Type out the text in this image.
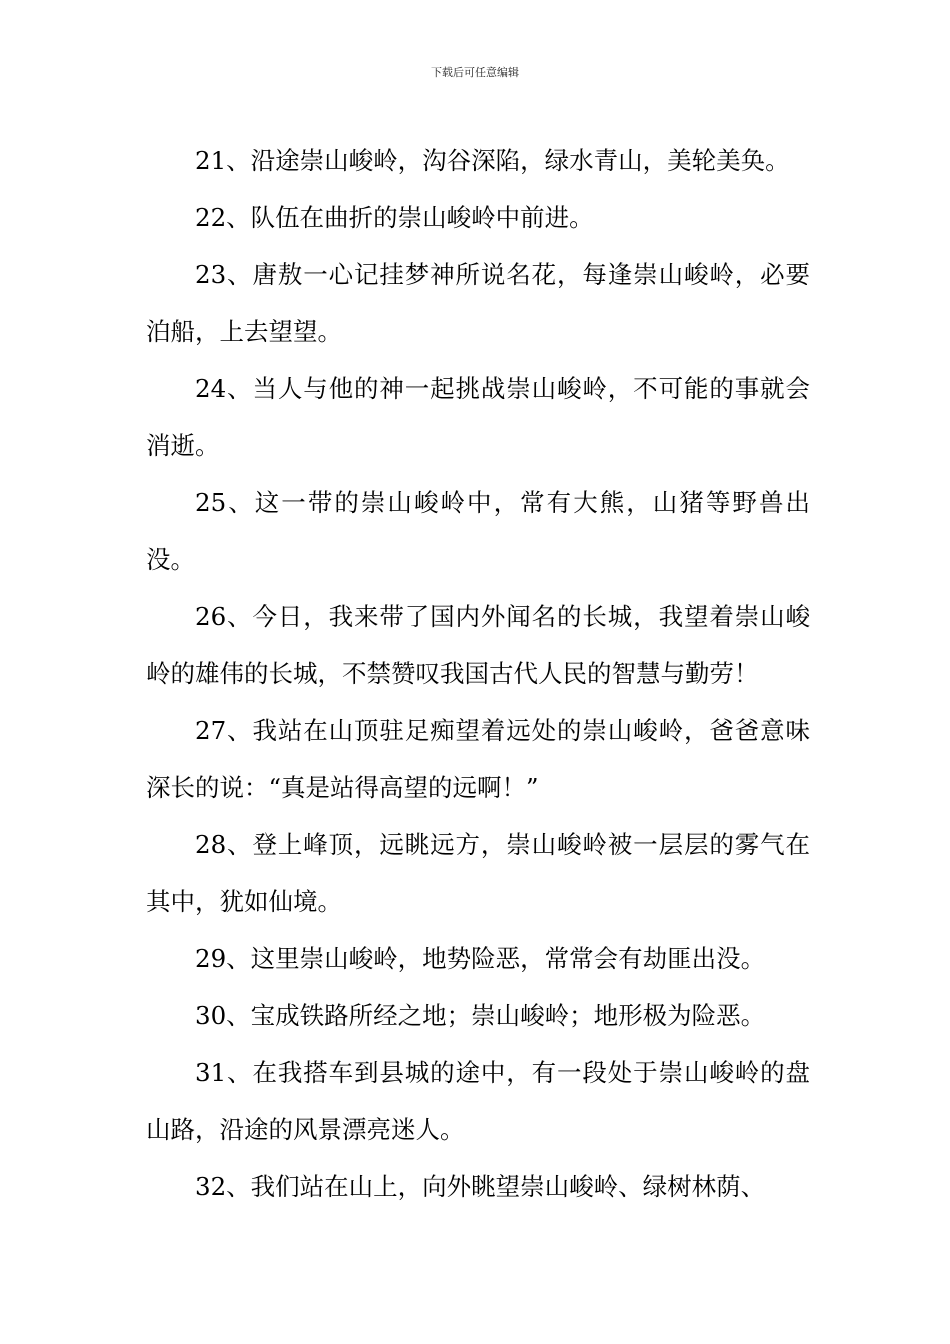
下载后可任意编辑

21、沿途崇山峻岭，沟谷深陷，绿水青山，美轮美奂。

22、队伍在曲折的崇山峻岭中前进。

23、唐敖一心记挂梦神所说名花，每逢崇山峻岭，必要泊船，上去望望。

24、当人与他的神一起挑战崇山峻岭，不可能的事就会消逝。

25、这一带的崇山峻岭中，常有大熊，山猪等野兽出没。

26、今日，我来带了国内外闻名的长城，我望着崇山峻岭的雄伟的长城，不禁赞叹我国古代人民的智慧与勤劳！

27、我站在山顶驻足痴望着远处的崇山峻岭，爸爸意味深长的说：“真是站得高望的远啊！”

28、登上峰顶，远眺远方，崇山峻岭被一层层的雾气在其中，犹如仙境。

29、这里崇山峻岭，地势险恶，常常会有劫匪出没。

30、宝成铁路所经之地；崇山峻岭；地形极为险恶。

31、在我搭车到县城的途中，有一段处于崇山峻岭的盘山路，沿途的风景漂亮迷人。

32、我们站在山上，向外眺望崇山峻岭、绿树林荫、
